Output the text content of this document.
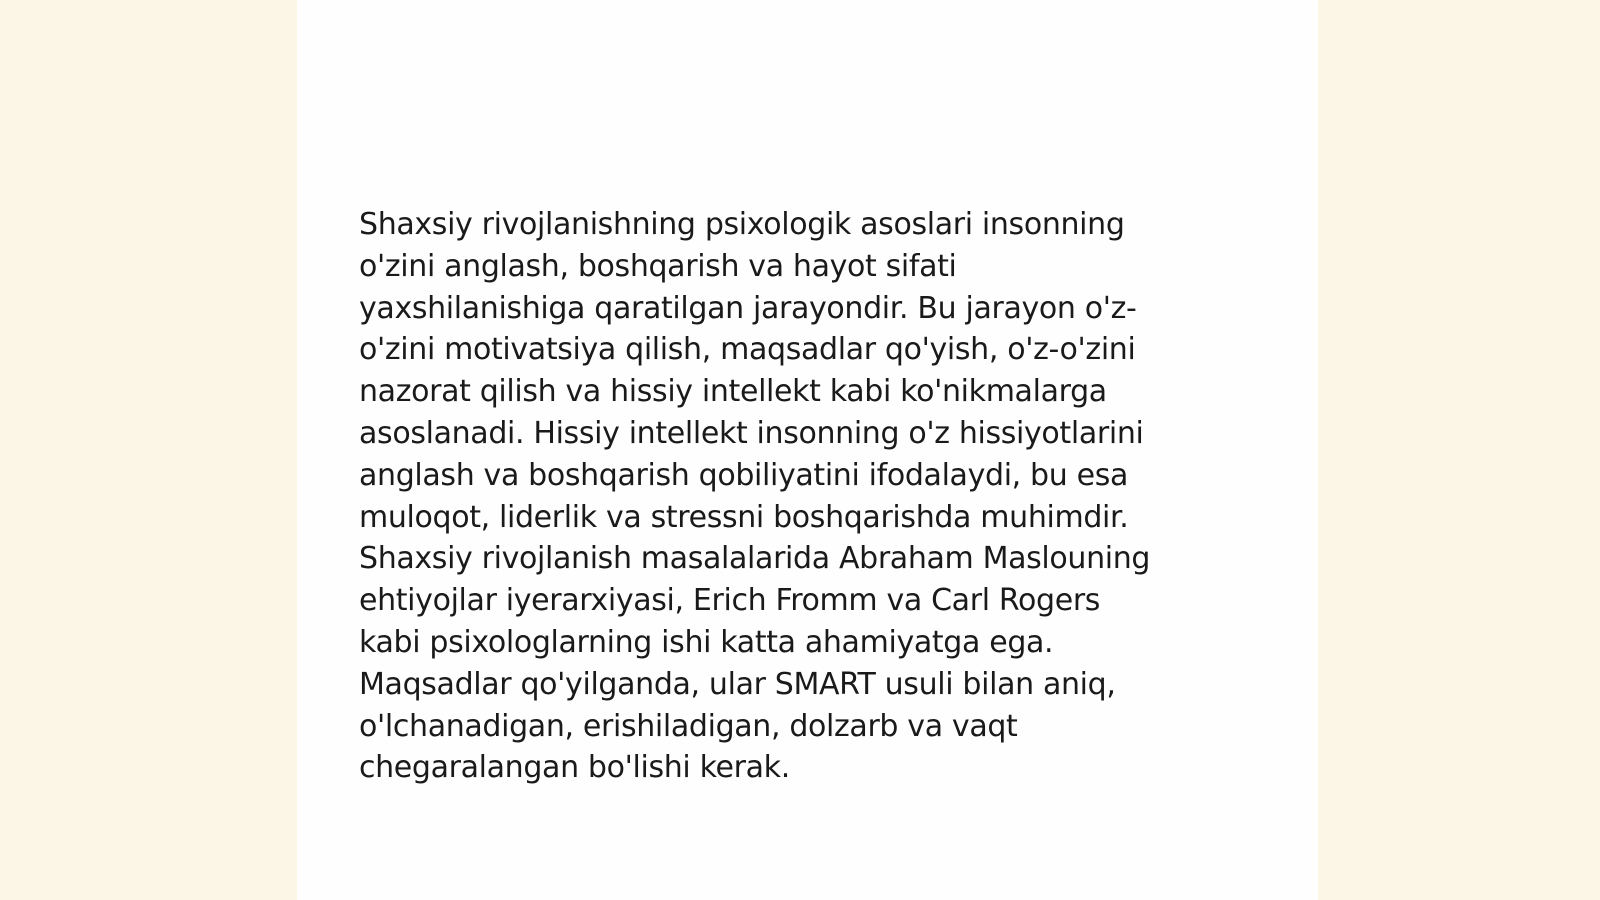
Shaxsiy rivojlanishning psixologik asoslari insonning
o'zini anglash, boshqarish va hayot sifati
yaxshilanishiga qaratilgan jarayondir. Bu jarayon o'z-
o'zini motivatsiya qilish, maqsadlar qo'yish, o'z-o'zini
nazorat qilish va hissiy intellekt kabi ko'nikmalarga
asoslanadi. Hissiy intellekt insonning o'z hissiyotlarini
anglash va boshqarish qobiliyatini ifodalaydi, bu esa
muloqot, liderlik va stressni boshqarishda muhimdir.
Shaxsiy rivojlanish masalalarida Abraham Maslouning
ehtiyojlar iyerarxiyasi, Erich Fromm va Carl Rogers
kabi psixologlarning ishi katta ahamiyatga ega.
Maqsadlar qo'yilganda, ular SMART usuli bilan aniq,
o'lchanadigan, erishiladigan, dolzarb va vaqt
chegaralangan bo'lishi kerak.
